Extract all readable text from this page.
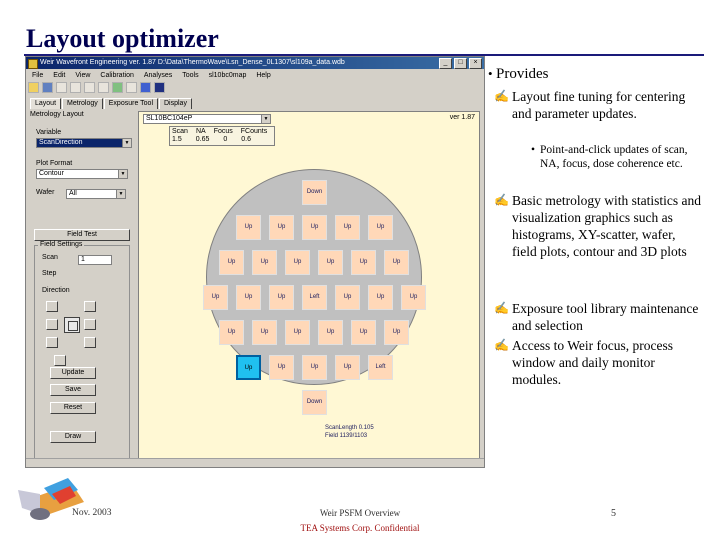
Layout optimizer
Weir Wavefront Engineering ver. 1.87 D:\Data\ThermoWave\Lsn_Dense_0L1307\sl109a_data.wdb	_	□	×
File Edit View Calibration Analyses Tools sl10bc0map Help
Layout	Metrology	Exposure Tool	Display
Metrology Layout
Variable
ScanDirection	▼
Plot Format
Contour	▼
Wafer	All	▼
Field Test
Field Settings
Scan	1
Step
Direction
Update
Save
Reset
Draw
SL10BC104eP	▼	ver 1.87
Scan NA Focus FCounts
1.5 0.65 0 0.6
Down
Up	Up	Up	Up	Up
Up	Up	Up	Up	Up	Up
Up	Up	Up	Left	Up	Up	Up
Up	Up	Up	Up	Up	Up
Up	Up	Up	Up	Left
Down
ScanLength 0.105
Field 1139/1103
• Provides
✍ Layout fine tuning for centering and parameter updates.
• Point-and-click updates of scan, NA, focus, dose coherence etc.
✍ Basic metrology with statistics and visualization graphics such as histograms, XY-scatter, wafer, field plots, contour and 3D plots
✍ Exposure tool library maintenance and selection
✍ Access to Weir focus, process window and daily monitor modules.
Nov. 2003	Weir PSFM Overview
TEA Systems Corp. Confidential
5
